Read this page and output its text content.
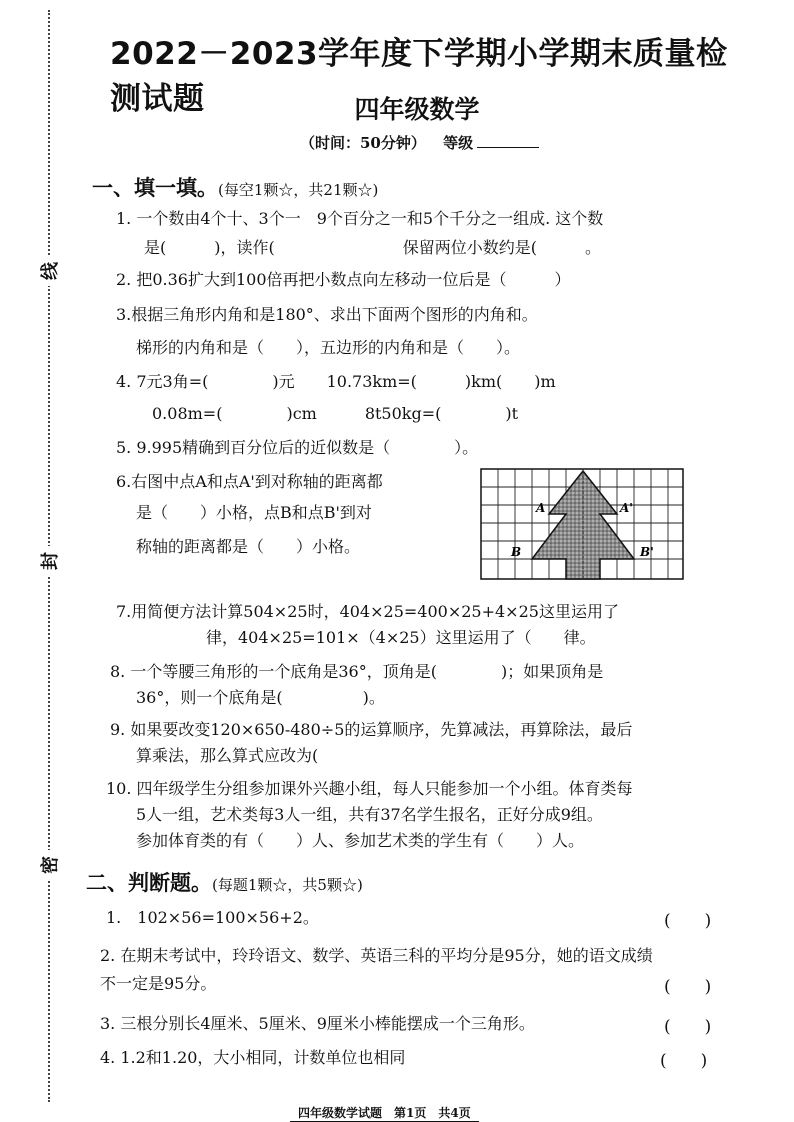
线
封
密
2022－2023学年度下学期小学期末质量检测试题	四年级数学
（时间：50分钟） 等级
一、填一填。(每空1颗☆，共21颗☆)
1. 一个数由4个十、3个一　9个百分之一和5个千分之一组成. 这个数
是(　　　)，读作(　　　　　　　　保留两位小数约是(　　　。
2. 把0.36扩大到100倍再把小数点向左移动一位后是（　　　）
3.根据三角形内角和是180°、求出下面两个图形的内角和。
梯形的内角和是（　　），五边形的内角和是（　　）。
4. 7元3角=(　　　　)元　　10.73km=(　　　)km(　　)m
0.08m=(　　　　)cm　　　8t50kg=(　　　　)t
5. 9.995精确到百分位后的近似数是（　　　　）。
6.右图中点A和点A'到对称轴的距离都
是（　　）小格，点B和点B'到对
称轴的距离都是（　　）小格。
A	A'
B	B'
7.用简便方法计算504×25时，404×25=400×25+4×25这里运用了
律，404×25=101×（4×25）这里运用了（　　律。
8. 一个等腰三角形的一个底角是36°，顶角是(　　　　)；如果顶角是
36°，则一个底角是(　　　　　)。
9. 如果要改变120×650-480÷5的运算顺序，先算减法，再算除法，最后
算乘法，那么算式应改为(
10. 四年级学生分组参加课外兴趣小组，每人只能参加一个小组。体育类每
5人一组，艺术类每3人一组，共有37名学生报名，正好分成9组。
参加体育类的有（　　）人、参加艺术类的学生有（　　）人。
二、判断题。(每题1颗☆，共5颗☆)
1.　102×56=100×56+2。	(　　)
2. 在期末考试中，玲玲语文、数学、英语三科的平均分是95分，她的语文成绩
不一定是95分。	(　　)
3. 三根分别长4厘米、5厘米、9厘米小棒能摆成一个三角形。	(　　)
4. 1.2和1.20，大小相同，计数单位也相同	(　　)
四年级数学试题　第1页　共4页
